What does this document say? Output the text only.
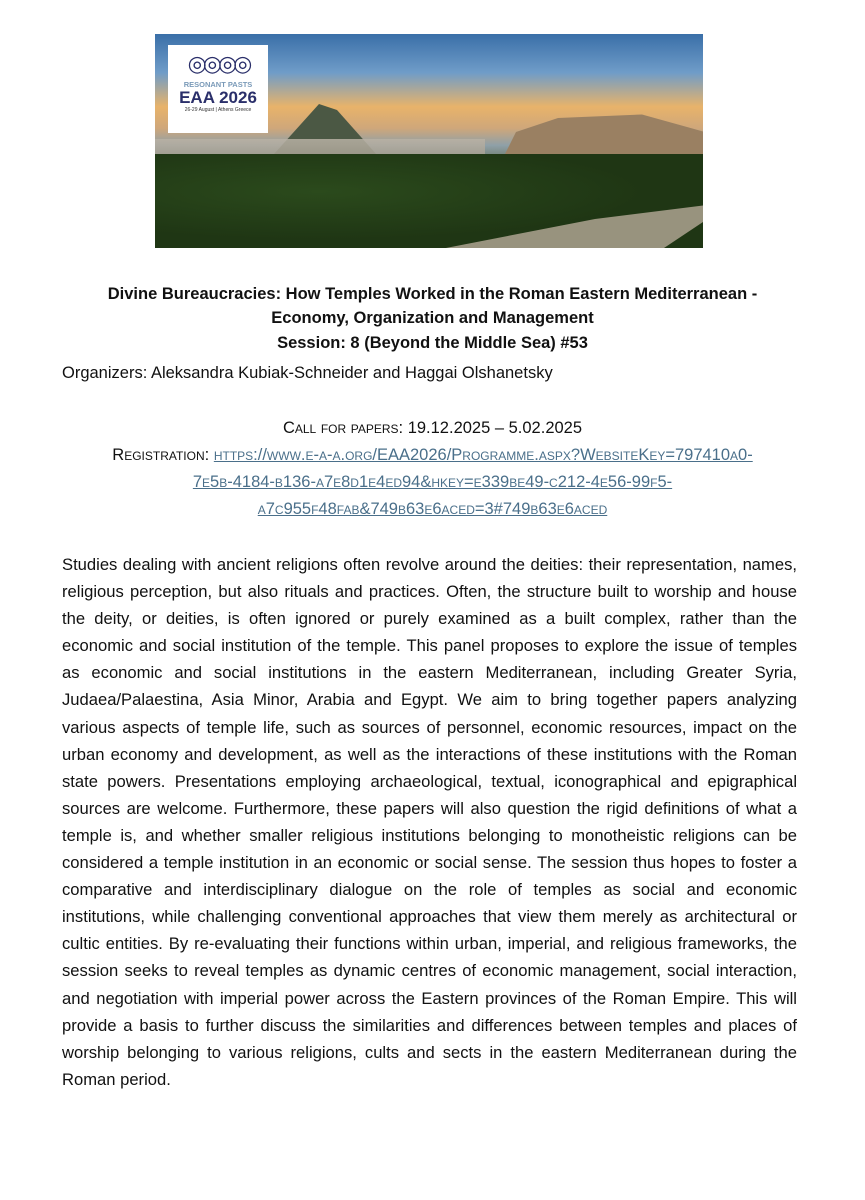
◎◎◎◎
RESONANT PASTS
EAA 2026
26-29 August | Athens Greece
Divine Bureaucracies: How Temples Worked in the Roman Eastern Mediterranean -
Economy, Organization and Management
Session: 8 (Beyond the Middle Sea) #53
Organizers: Aleksandra Kubiak-Schneider and Haggai Olshanetsky
Call for papers: 19.12.2025 – 5.02.2025
Registration: https://www.e-a-a.org/EAA2026/Programme.aspx?WebsiteKey=797410a0-
7e5b-4184-b136-a7e8d1e4ed94&hkey=e339be49-c212-4e56-99f5-
a7c955f48fab&749b63e6aced=3#749b63e6aced
Studies dealing with ancient religions often revolve around the deities: their representation, names, religious perception, but also rituals and practices. Often, the structure built to worship and house the deity, or deities, is often ignored or purely examined as a built complex, rather than the economic and social institution of the temple. This panel proposes to explore the issue of temples as economic and social institutions in the eastern Mediterranean, including Greater Syria, Judaea/Palaestina, Asia Minor, Arabia and Egypt. We aim to bring together papers analyzing various aspects of temple life, such as sources of personnel, economic resources, impact on the urban economy and development, as well as the interactions of these institutions with the Roman state powers. Presentations employing archaeological, textual, iconographical and epigraphical sources are welcome. Furthermore, these papers will also question the rigid definitions of what a temple is, and whether smaller religious institutions belonging to monotheistic religions can be considered a temple institution in an economic or social sense. The session thus hopes to foster a comparative and interdisciplinary dialogue on the role of temples as social and economic institutions, while challenging conventional approaches that view them merely as architectural or cultic entities. By re-evaluating their functions within urban, imperial, and religious frameworks, the session seeks to reveal temples as dynamic centres of economic management, social interaction, and negotiation with imperial power across the Eastern provinces of the Roman Empire. This will provide a basis to further discuss the similarities and differences between temples and places of worship belonging to various religions, cults and sects in the eastern Mediterranean during the Roman period.
